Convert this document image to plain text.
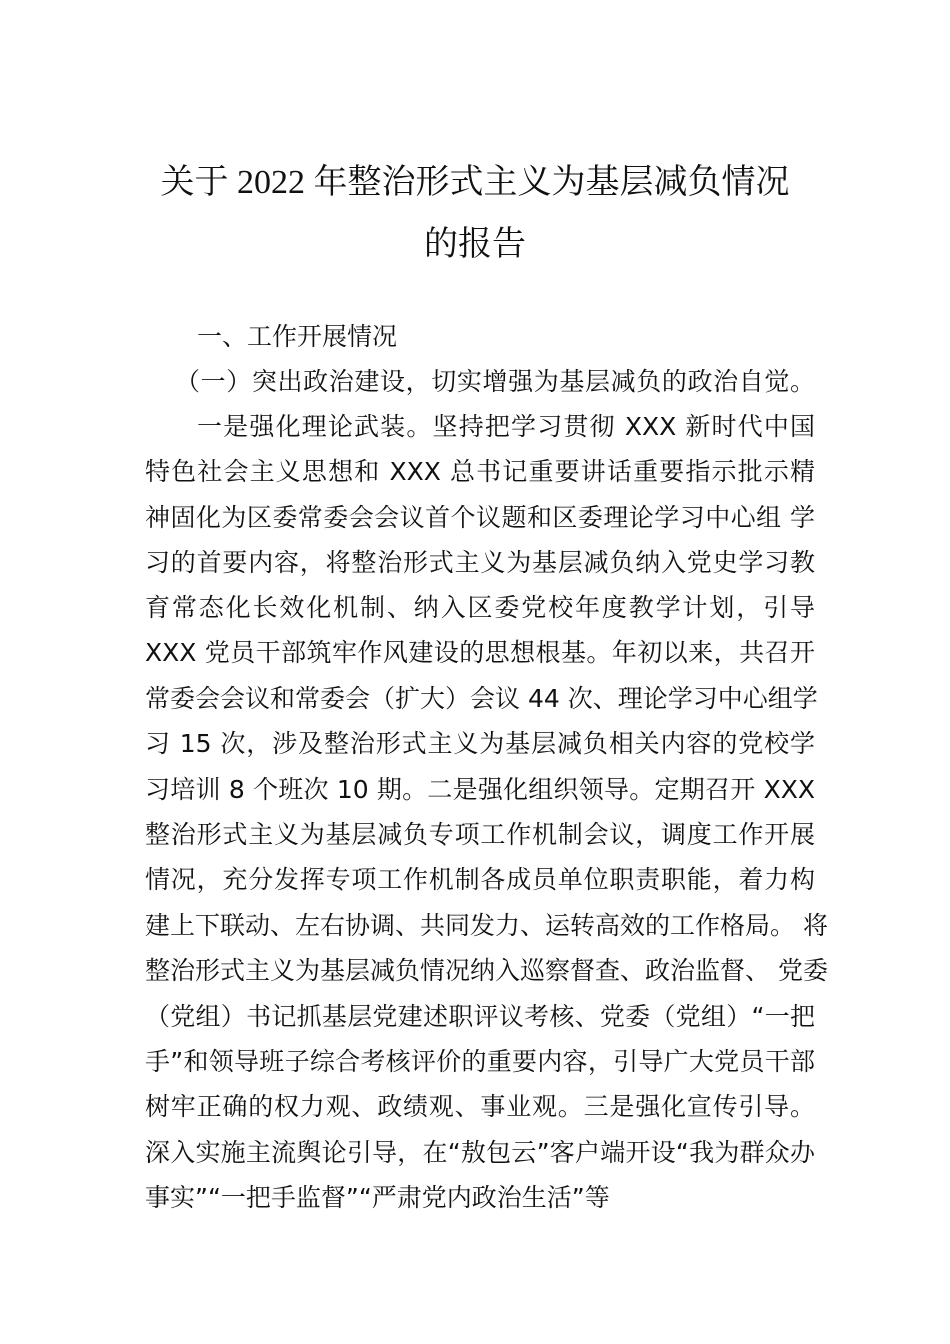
关于 2022 年整治形式主义为基层减负情况
的报告
一、工作开展情况
（一）突出政治建设，切实增强为基层减负的政治自觉。
一是强化理论武装。坚持把学习贯彻 XXX 新时代中国
特色社会主义思想和 XXX 总书记重要讲话重要指示批示精
神固化为区委常委会会议首个议题和区委理论学习中心组 学
习的首要内容，将整治形式主义为基层减负纳入党史学习教
育常态化长效化机制、纳入区委党校年度教学计划，引导
XXX 党员干部筑牢作风建设的思想根基。年初以来，共召开
常委会会议和常委会（扩大）会议 44 次、理论学习中心组学
习 15 次，涉及整治形式主义为基层减负相关内容的党校学
习培训 8 个班次 10 期。二是强化组织领导。定期召开 XXX
整治形式主义为基层减负专项工作机制会议，调度工作开展
情况，充分发挥专项工作机制各成员单位职责职能，着力构
建上下联动、左右协调、共同发力、运转高效的工作格局。 将
整治形式主义为基层减负情况纳入巡察督查、政治监督、 党委
（党组）书记抓基层党建述职评议考核、党委（党组）“一把
手”和领导班子综合考核评价的重要内容，引导广大党员干部
树牢正确的权力观、政绩观、事业观。三是强化宣传引导。
深入实施主流舆论引导，在“敖包云”客户端开设“我为群众办
事实”“一把手监督”“严肃党内政治生活”等
